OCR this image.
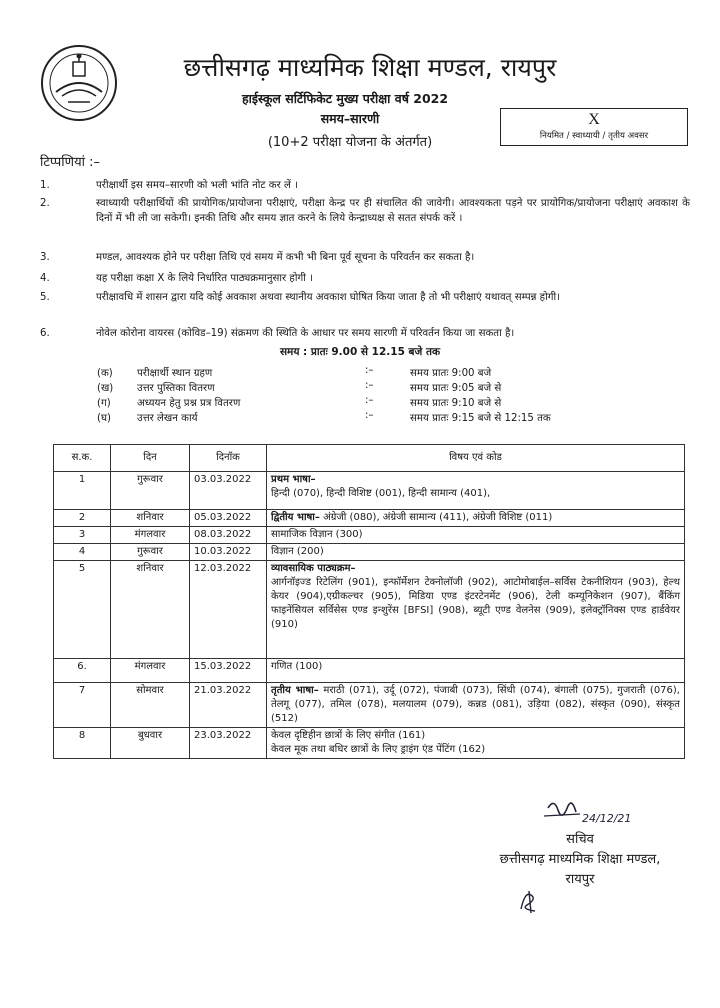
छत्तीसगढ़ माध्यमिक शिक्षा मण्डल, रायपुर
हाईस्कूल सर्टिफिकेट मुख्य परीक्षा वर्ष 2022
समय–सारणी
(10+2 परीक्षा योजना के अंतर्गत)
X
नियमित / स्वाध्यायी / तृतीय अवसर
टिप्पणियां :–
1.	परीक्षार्थी इस समय–सारणी को भली भांति नोट कर लें ।
2.	स्वाध्यायी परीक्षार्थियों की प्रायोगिक/प्रायोजना परीक्षाएं, परीक्षा केन्द्र पर ही संचालित की जावेगी। आवश्यकता पड़ने पर प्रायोगिक/प्रायोजना परीक्षाएं अवकाश के दिनों में भी ली जा सकेगी। इनकी तिथि और समय ज्ञात करने के लिये केन्द्राध्यक्ष से सतत संपर्क करें ।
3.	मण्डल, आवश्यक होने पर परीक्षा तिथि एवं समय में कभी भी बिना पूर्व सूचना के परिवर्तन कर सकता है।
4.	यह परीक्षा कक्षा X के लिये निर्धारित पाठ्यक्रमानुसार होगी ।
5.	परीक्षावधि में शासन द्वारा यदि कोई अवकाश अथवा स्थानीय अवकाश घोषित किया जाता है तो भी परीक्षाएं यथावत् सम्पन्न होगी।
6.	नोवेल कोरोना वायरस (कोविड–19) संक्रमण की स्थिति के आधार पर समय सारणी में परिवर्तन किया जा सकता है।
समय : प्रातः 9.00 से 12.15 बजे तक
(क) परीक्षार्थी स्थान ग्रहण	:–	समय प्रातः 9:00 बजे
(ख) उत्तर पुस्तिका वितरण	:–	समय प्रातः 9:05 बजे से
(ग)	अध्ययन हेतु प्रश्न प्रत्र वितरण	:–	समय प्रातः 9:10 बजे से
(घ)	उत्तर लेखन कार्य	:–	समय प्रातः 9:15 बजे से 12:15 तक
स.क.	दिन	दिनॉक	विषय एवं कोड
1	गुरूवार	03.03.2022	प्रथम भाषा–
हिन्दी (070), हिन्दी विशिष्ट (001), हिन्दी सामान्य (401),
2	शनिवार	05.03.2022	द्वितीय भाषा– अंग्रेजी (080), अंग्रेजी सामान्य (411), अंग्रेजी विशिष्ट (011)
3	मंगलवार	08.03.2022	सामाजिक विज्ञान (300)
4	गुरूवार	10.03.2022	विज्ञान (200)
5	शनिवार	12.03.2022	व्यावसायिक पाठ्यक्रम–
आर्गनॉइज्ड रिटेलिंग (901), इन्फॉर्मेशन टेक्नोलॉजी (902), आटोमोबाईल–सर्विस टेकनीशियन (903), हेल्थ केयर (904),एग्रीकल्चर (905), मिडिया एण्ड इंटरटेनमेंट (906), टेली कम्यूनिकेशन (907), बैंकिंग फाइनेंसियल सर्विसेस एण्ड इन्शुरेंस [BFSI] (908), ब्यूटी एण्ड वेलनेस (909), इलेक्ट्रॉनिक्स एण्ड हार्डवेयर (910)
6.	मंगलवार	15.03.2022	गणित (100)
7	सोमवार	21.03.2022	तृतीय भाषा– मराठी (071), उर्दू (072), पंजाबी (073), सिंधी (074), बंगाली (075), गुजराती (076), तेलगू (077), तमिल (078), मलयालम (079), कन्नड (081), उड़िया (082), संस्कृत (090), संस्कृत (512)
8	बुधवार	23.03.2022	केवल दृष्टिहीन छात्रों के लिए संगीत (161)
केवल मूक तथा बधिर छात्रों के लिए ड्राइंग एंड पेंटिंग (162)
24/12/21
सचिव
छत्तीसगढ़ माध्यमिक शिक्षा मण्डल,
रायपुर
